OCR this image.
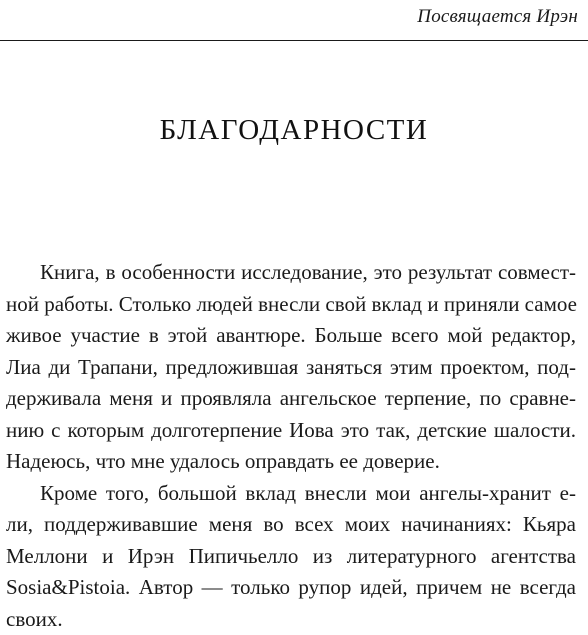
Посвящается Ирэн
БЛАГОДАРНОСТИ

Книга, в особенности исследование, это результат совмест-
ной работы. Столько людей внесли свой вклад и приняли самое
живое участие в этой авантюре. Больше всего мой редактор,
Лиа ди Трапани, предложившая заняться этим проектом, под-
держивала меня и проявляла ангельское терпение, по сравне-
нию с которым долготерпение Иова это так, детские шалости.
Надеюсь, что мне удалось оправдать ее доверие.

Кроме того, большой вклад внесли мои ангелы-хранит е-
ли, поддерживавшие меня во всех моих начинаниях: Кьяра
Меллони и Ирэн Пипичьелло из литературного агентства
Sosia&Pistoia. Автор — только рупор идей, причем не всегда
своих.
